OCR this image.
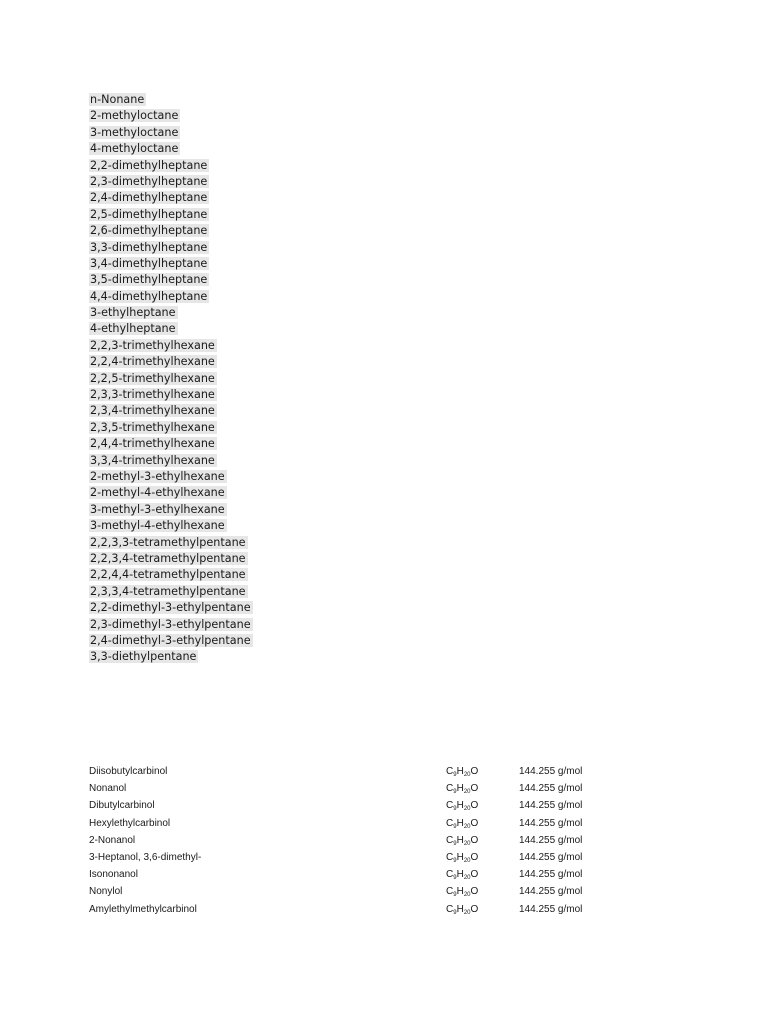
n-Nonane
2-methyloctane
3-methyloctane
4-methyloctane
2,2-dimethylheptane
2,3-dimethylheptane
2,4-dimethylheptane
2,5-dimethylheptane
2,6-dimethylheptane
3,3-dimethylheptane
3,4-dimethylheptane
3,5-dimethylheptane
4,4-dimethylheptane
3-ethylheptane
4-ethylheptane
2,2,3-trimethylhexane
2,2,4-trimethylhexane
2,2,5-trimethylhexane
2,3,3-trimethylhexane
2,3,4-trimethylhexane
2,3,5-trimethylhexane
2,4,4-trimethylhexane
3,3,4-trimethylhexane
2-methyl-3-ethylhexane
2-methyl-4-ethylhexane
3-methyl-3-ethylhexane
3-methyl-4-ethylhexane
2,2,3,3-tetramethylpentane
2,2,3,4-tetramethylpentane
2,2,4,4-tetramethylpentane
2,3,3,4-tetramethylpentane
2,2-dimethyl-3-ethylpentane
2,3-dimethyl-3-ethylpentane
2,4-dimethyl-3-ethylpentane
3,3-diethylpentane
Diisobutylcarbinol	$C_9H_{20}O$	144.255 g/mol
Nonanol	$C_9H_{20}O$	144.255 g/mol
Dibutylcarbinol	$C_9H_{20}O$	144.255 g/mol
Hexylethylcarbinol	$C_9H_{20}O$	144.255 g/mol
2-Nonanol	$C_9H_{20}O$	144.255 g/mol
3-Heptanol, 3,6-dimethyl-	$C_9H_{20}O$	144.255 g/mol
Isononanol	$C_9H_{20}O$	144.255 g/mol
Nonylol	$C_9H_{20}O$	144.255 g/mol
Amylethylmethylcarbinol	$C_9H_{20}O$	144.255 g/mol
